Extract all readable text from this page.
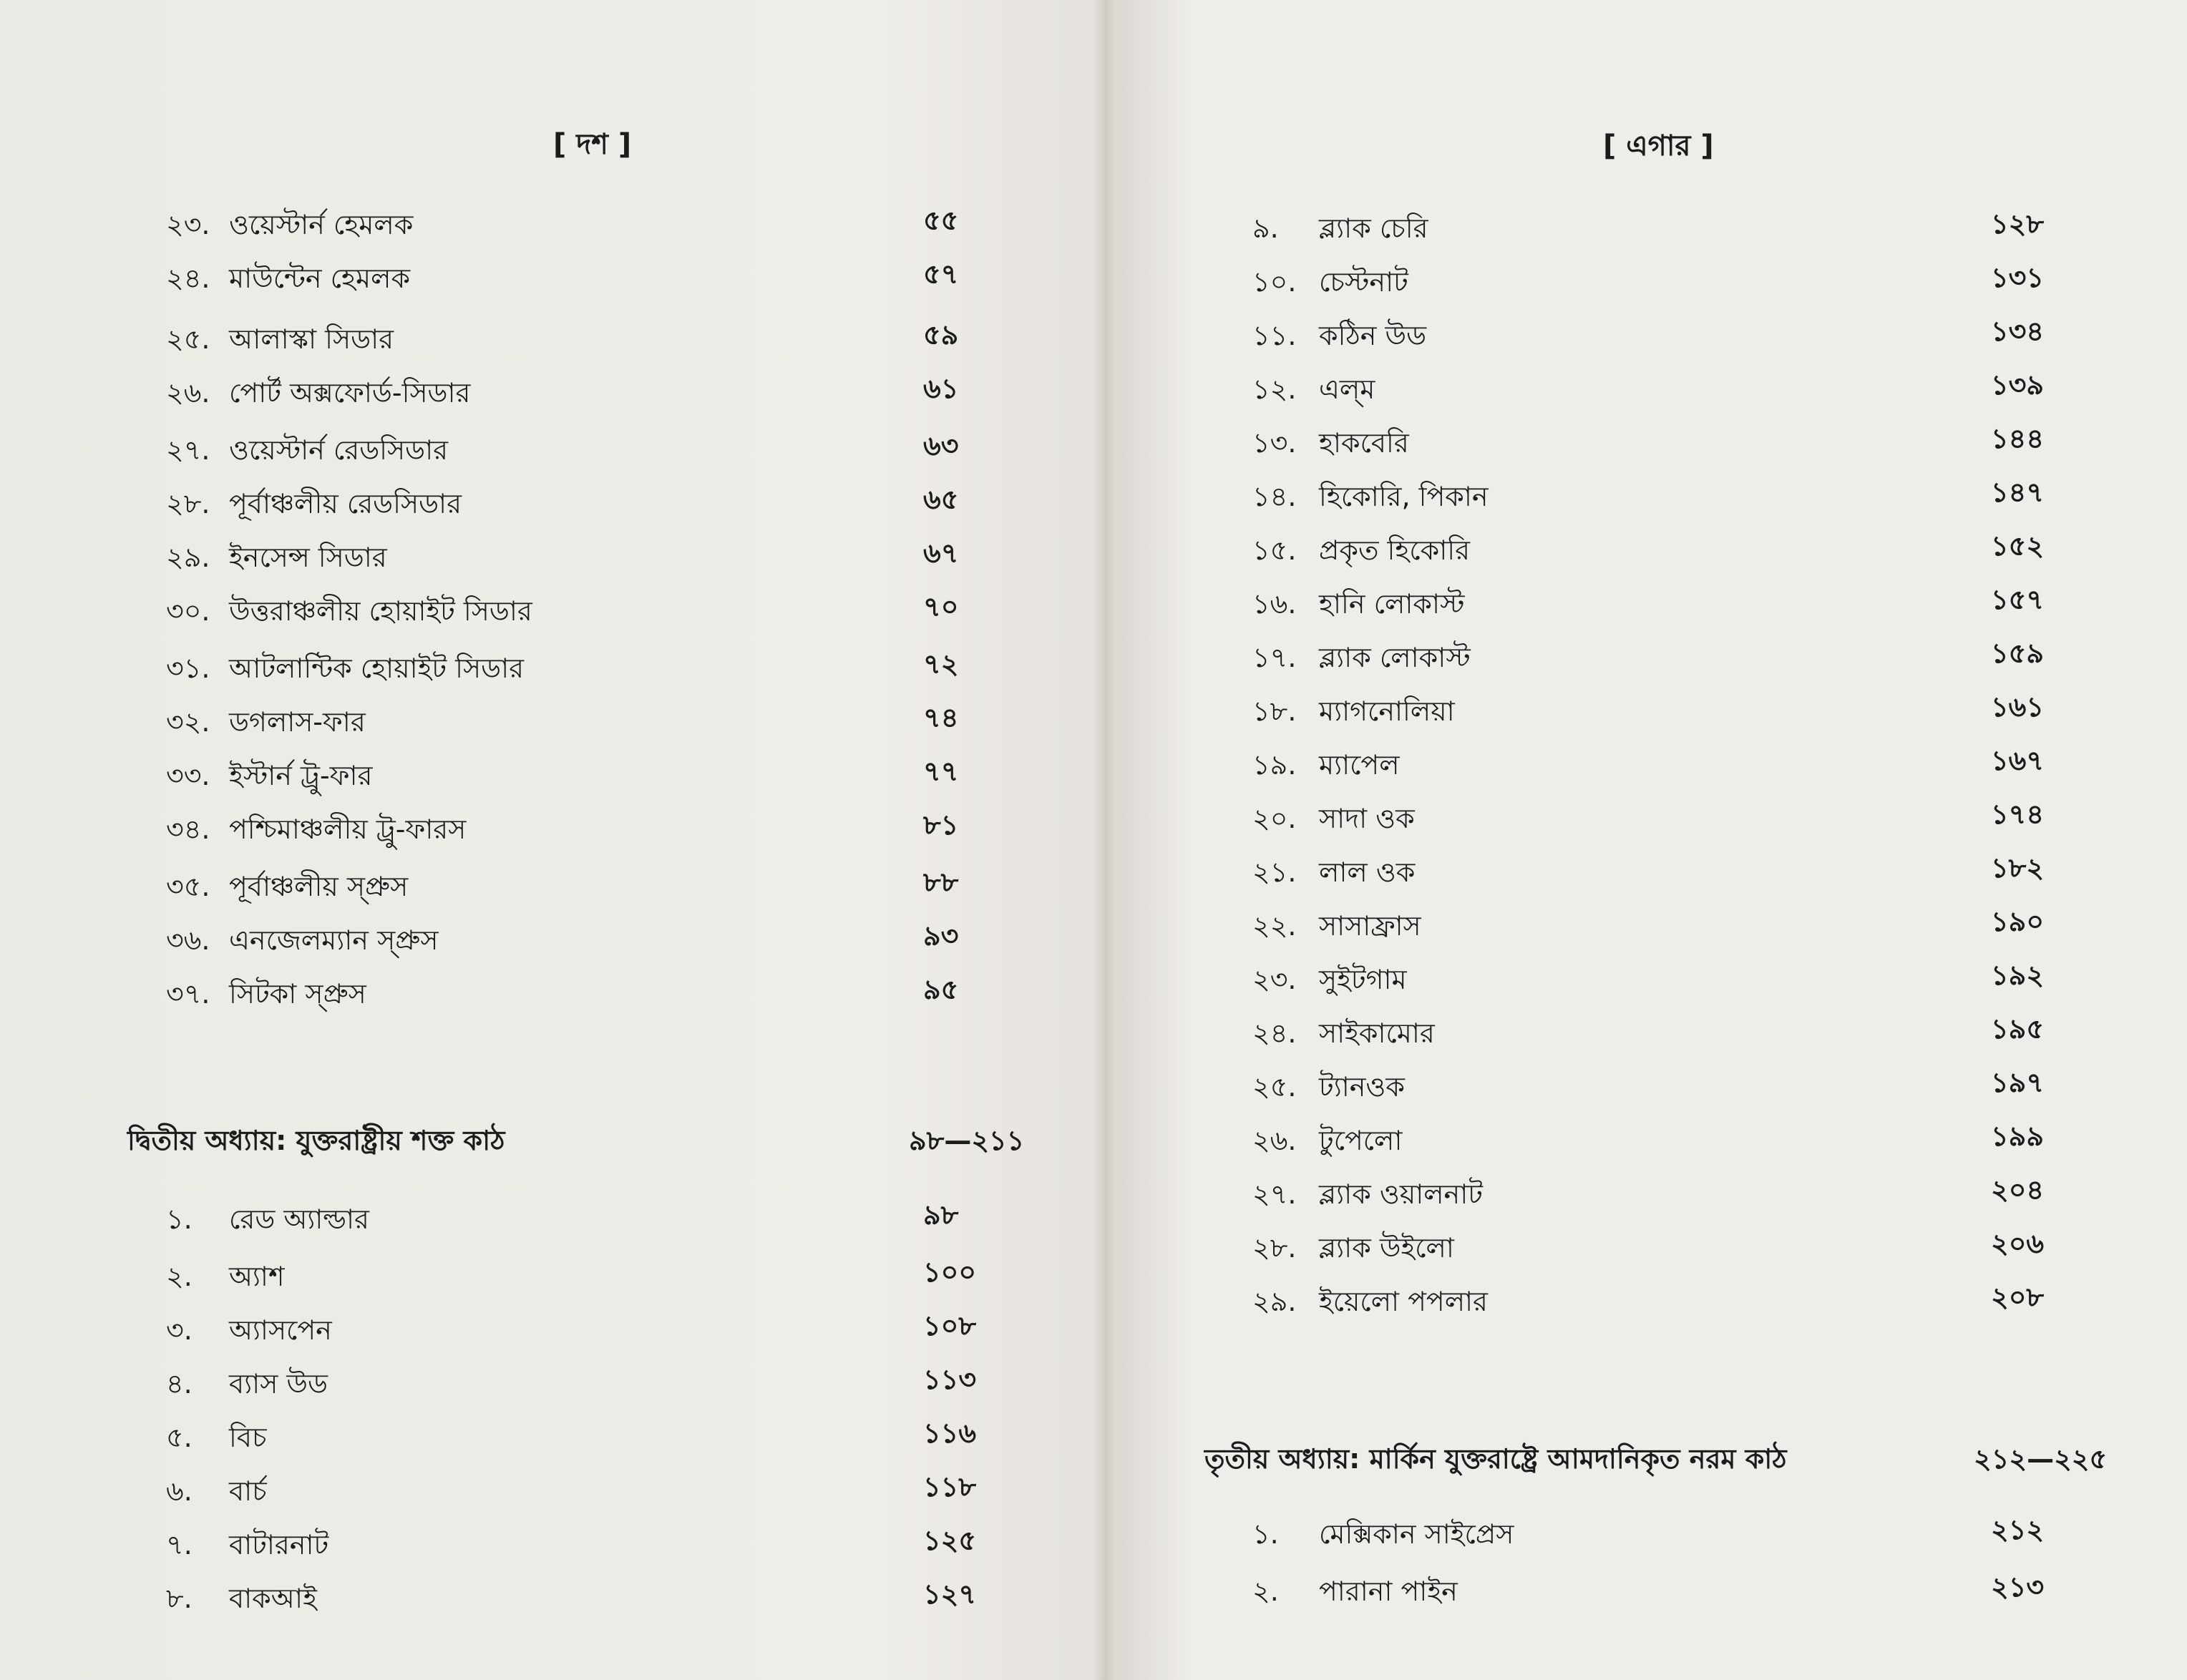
[ দশ ]
২৩. ওয়েস্টার্ন হেমলক	৫৫
২৪. মাউন্টেন হেমলক	৫৭
২৫. আলাস্কা সিডার	৫৯
২৬. পোর্ট অক্সফোর্ড-সিডার	৬১
২৭. ওয়েস্টার্ন রেডসিডার	৬৩
২৮. পূর্বাঞ্চলীয় রেডসিডার	৬৫
২৯. ইনসেন্স সিডার	৬৭
৩০. উত্তরাঞ্চলীয় হোয়াইট সিডার	৭০
৩১. আটলান্টিক হোয়াইট সিডার	৭২
৩২. ডগলাস-ফার	৭৪
৩৩. ইস্টার্ন ট্রু-ফার	৭৭
৩৪. পশ্চিমাঞ্চলীয় ট্রু-ফারস	৮১
৩৫. পূর্বাঞ্চলীয় স্প্রুস	৮৮
৩৬. এনজেলম্যান স্প্রুস	৯৩
৩৭. সিটকা স্প্রুস	৯৫
দ্বিতীয় অধ্যায়: যুক্তরাষ্ট্রীয় শক্ত কাঠ	৯৮—২১১
১. রেড অ্যাল্ডার	৯৮
২. অ্যাশ	১০০
৩. অ্যাসপেন	১০৮
৪. ব্যাস উড	১১৩
৫. বিচ	১১৬
৬. বার্চ	১১৮
৭. বাটারনাট	১২৫
৮. বাকআই	১২৭
[ এগার ]
৯. ব্ল্যাক চেরি	১২৮
১০. চেস্টনাট	১৩১
১১. কঠিন উড	১৩৪
১২. এল্‌ম	১৩৯
১৩. হাকবেরি	১৪৪
১৪. হিকোরি, পিকান	১৪৭
১৫. প্রকৃত হিকোরি	১৫২
১৬. হানি লোকাস্ট	১৫৭
১৭. ব্ল্যাক লোকাস্ট	১৫৯
১৮. ম্যাগনোলিয়া	১৬১
১৯. ম্যাপেল	১৬৭
২০. সাদা ওক	১৭৪
২১. লাল ওক	১৮২
২২. সাসাফ্রাস	১৯০
২৩. সুইটগাম	১৯২
২৪. সাইকামোর	১৯৫
২৫. ট্যানওক	১৯৭
২৬. টুপেলো	১৯৯
২৭. ব্ল্যাক ওয়ালনাট	২০৪
২৮. ব্ল্যাক উইলো	২০৬
২৯. ইয়েলো পপলার	২০৮
তৃতীয় অধ্যায়: মার্কিন যুক্তরাষ্ট্রে আমদানিকৃত নরম কাঠ	২১২—২২৫
১. মেক্সিকান সাইপ্রেস	২১২
২. পারানা পাইন	২১৩
